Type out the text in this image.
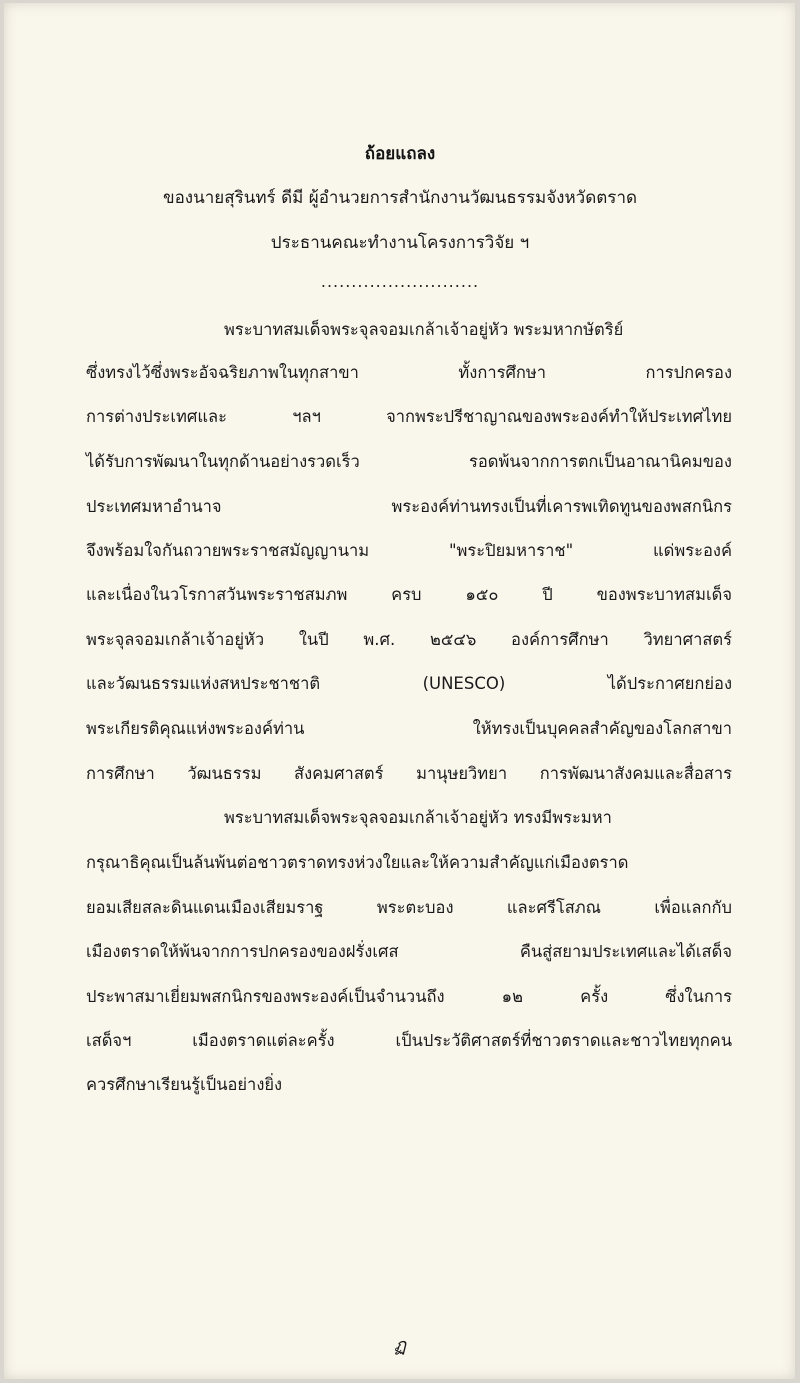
ถ้อยแถลง
ของนายสุรินทร์ ดีมี ผู้อำนวยการสำนักงานวัฒนธรรมจังหวัดตราด
ประธานคณะทำงานโครงการวิจัย ฯ
..........................
พระบาทสมเด็จพระจุลจอมเกล้าเจ้าอยู่หัว พระมหากษัตริย์
ซึ่งทรงไว้ซึ่งพระอัจฉริยภาพในทุกสาขา ทั้งการศึกษา การปกครอง
การต่างประเทศและ ฯลฯ จากพระปรีชาญาณของพระองค์ทำให้ประเทศไทย
ได้รับการพัฒนาในทุกด้านอย่างรวดเร็ว รอดพ้นจากการตกเป็นอาณานิคมของ
ประเทศมหาอำนาจ พระองค์ท่านทรงเป็นที่เคารพเทิดทูนของพสกนิกร
จึงพร้อมใจกันถวายพระราชสมัญญานาม "พระปิยมหาราช" แด่พระองค์
และเนื่องในวโรกาสวันพระราชสมภพ ครบ ๑๕๐ ปี ของพระบาทสมเด็จ
พระจุลจอมเกล้าเจ้าอยู่หัว ในปี พ.ศ. ๒๕๔๖ องค์การศึกษา วิทยาศาสตร์
และวัฒนธรรมแห่งสหประชาชาติ (UNESCO) ได้ประกาศยกย่อง
พระเกียรติคุณแห่งพระองค์ท่าน ให้ทรงเป็นบุคคลสำคัญของโลกสาขา
การศึกษา วัฒนธรรม สังคมศาสตร์ มานุษยวิทยา การพัฒนาสังคมและสื่อสาร
พระบาทสมเด็จพระจุลจอมเกล้าเจ้าอยู่หัว ทรงมีพระมหา
กรุณาธิคุณเป็นล้นพ้นต่อชาวตราดทรงห่วงใยและให้ความสำคัญแก่เมืองตราด
ยอมเสียสละดินแดนเมืองเสียมราฐ พระตะบอง และศรีโสภณ เพื่อแลกกับ
เมืองตราดให้พ้นจากการปกครองของฝรั่งเศส คืนสู่สยามประเทศและได้เสด็จ
ประพาสมาเยี่ยมพสกนิกรของพระองค์เป็นจำนวนถึง ๑๒ ครั้ง ซึ่งในการ
เสด็จฯ เมืองตราดแต่ละครั้ง เป็นประวัติศาสตร์ที่ชาวตราดและชาวไทยทุกคน
ควรศึกษาเรียนรู้เป็นอย่างยิ่ง
ฏ
